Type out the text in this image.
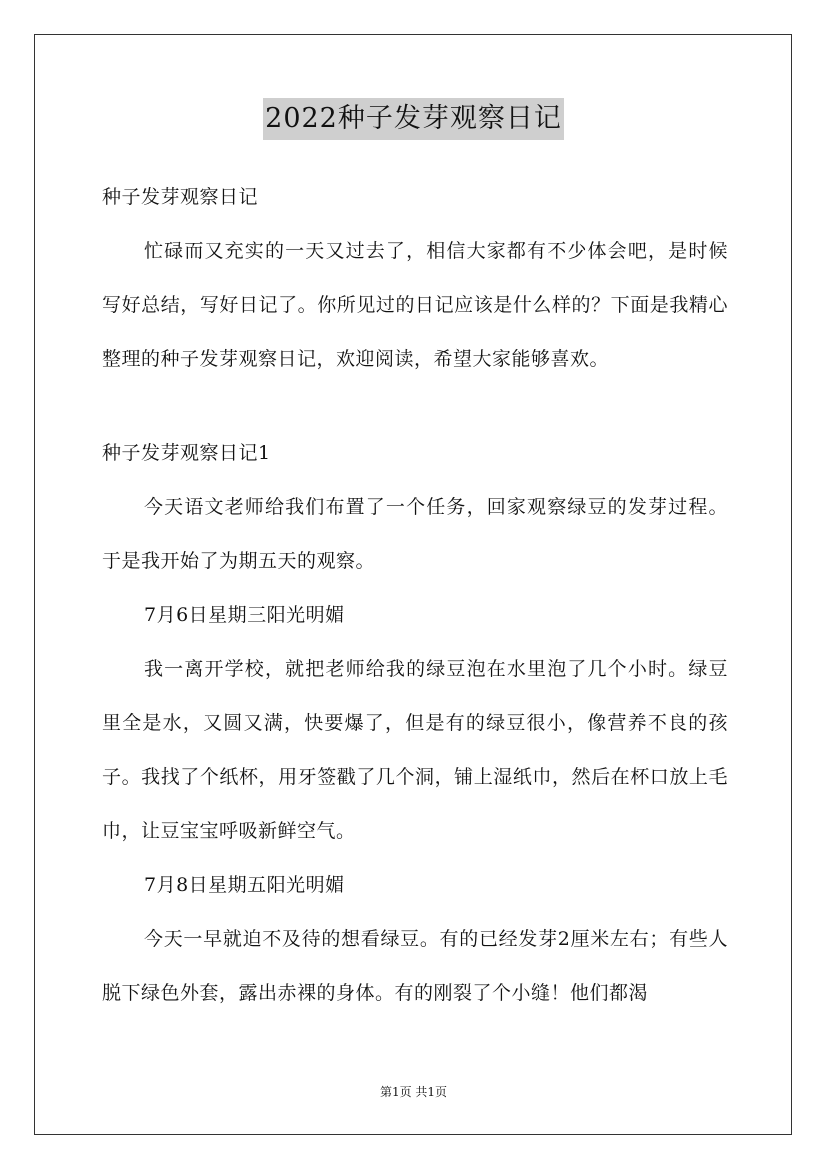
2022种子发芽观察日记

种子发芽观察日记

忙碌而又充实的一天又过去了，相信大家都有不少体会吧，是时候写好总结，写好日记了。你所见过的日记应该是什么样的？下面是我精心整理的种子发芽观察日记，欢迎阅读，希望大家能够喜欢。

种子发芽观察日记1

今天语文老师给我们布置了一个任务，回家观察绿豆的发芽过程。于是我开始了为期五天的观察。

7月6日星期三阳光明媚

我一离开学校，就把老师给我的绿豆泡在水里泡了几个小时。绿豆里全是水，又圆又满，快要爆了，但是有的绿豆很小，像营养不良的孩子。我找了个纸杯，用牙签戳了几个洞，铺上湿纸巾，然后在杯口放上毛巾，让豆宝宝呼吸新鲜空气。

7月8日星期五阳光明媚

今天一早就迫不及待的想看绿豆。有的已经发芽2厘米左右；有些人脱下绿色外套，露出赤裸的身体。有的刚裂了个小缝！他们都渴

第1页 共1页
